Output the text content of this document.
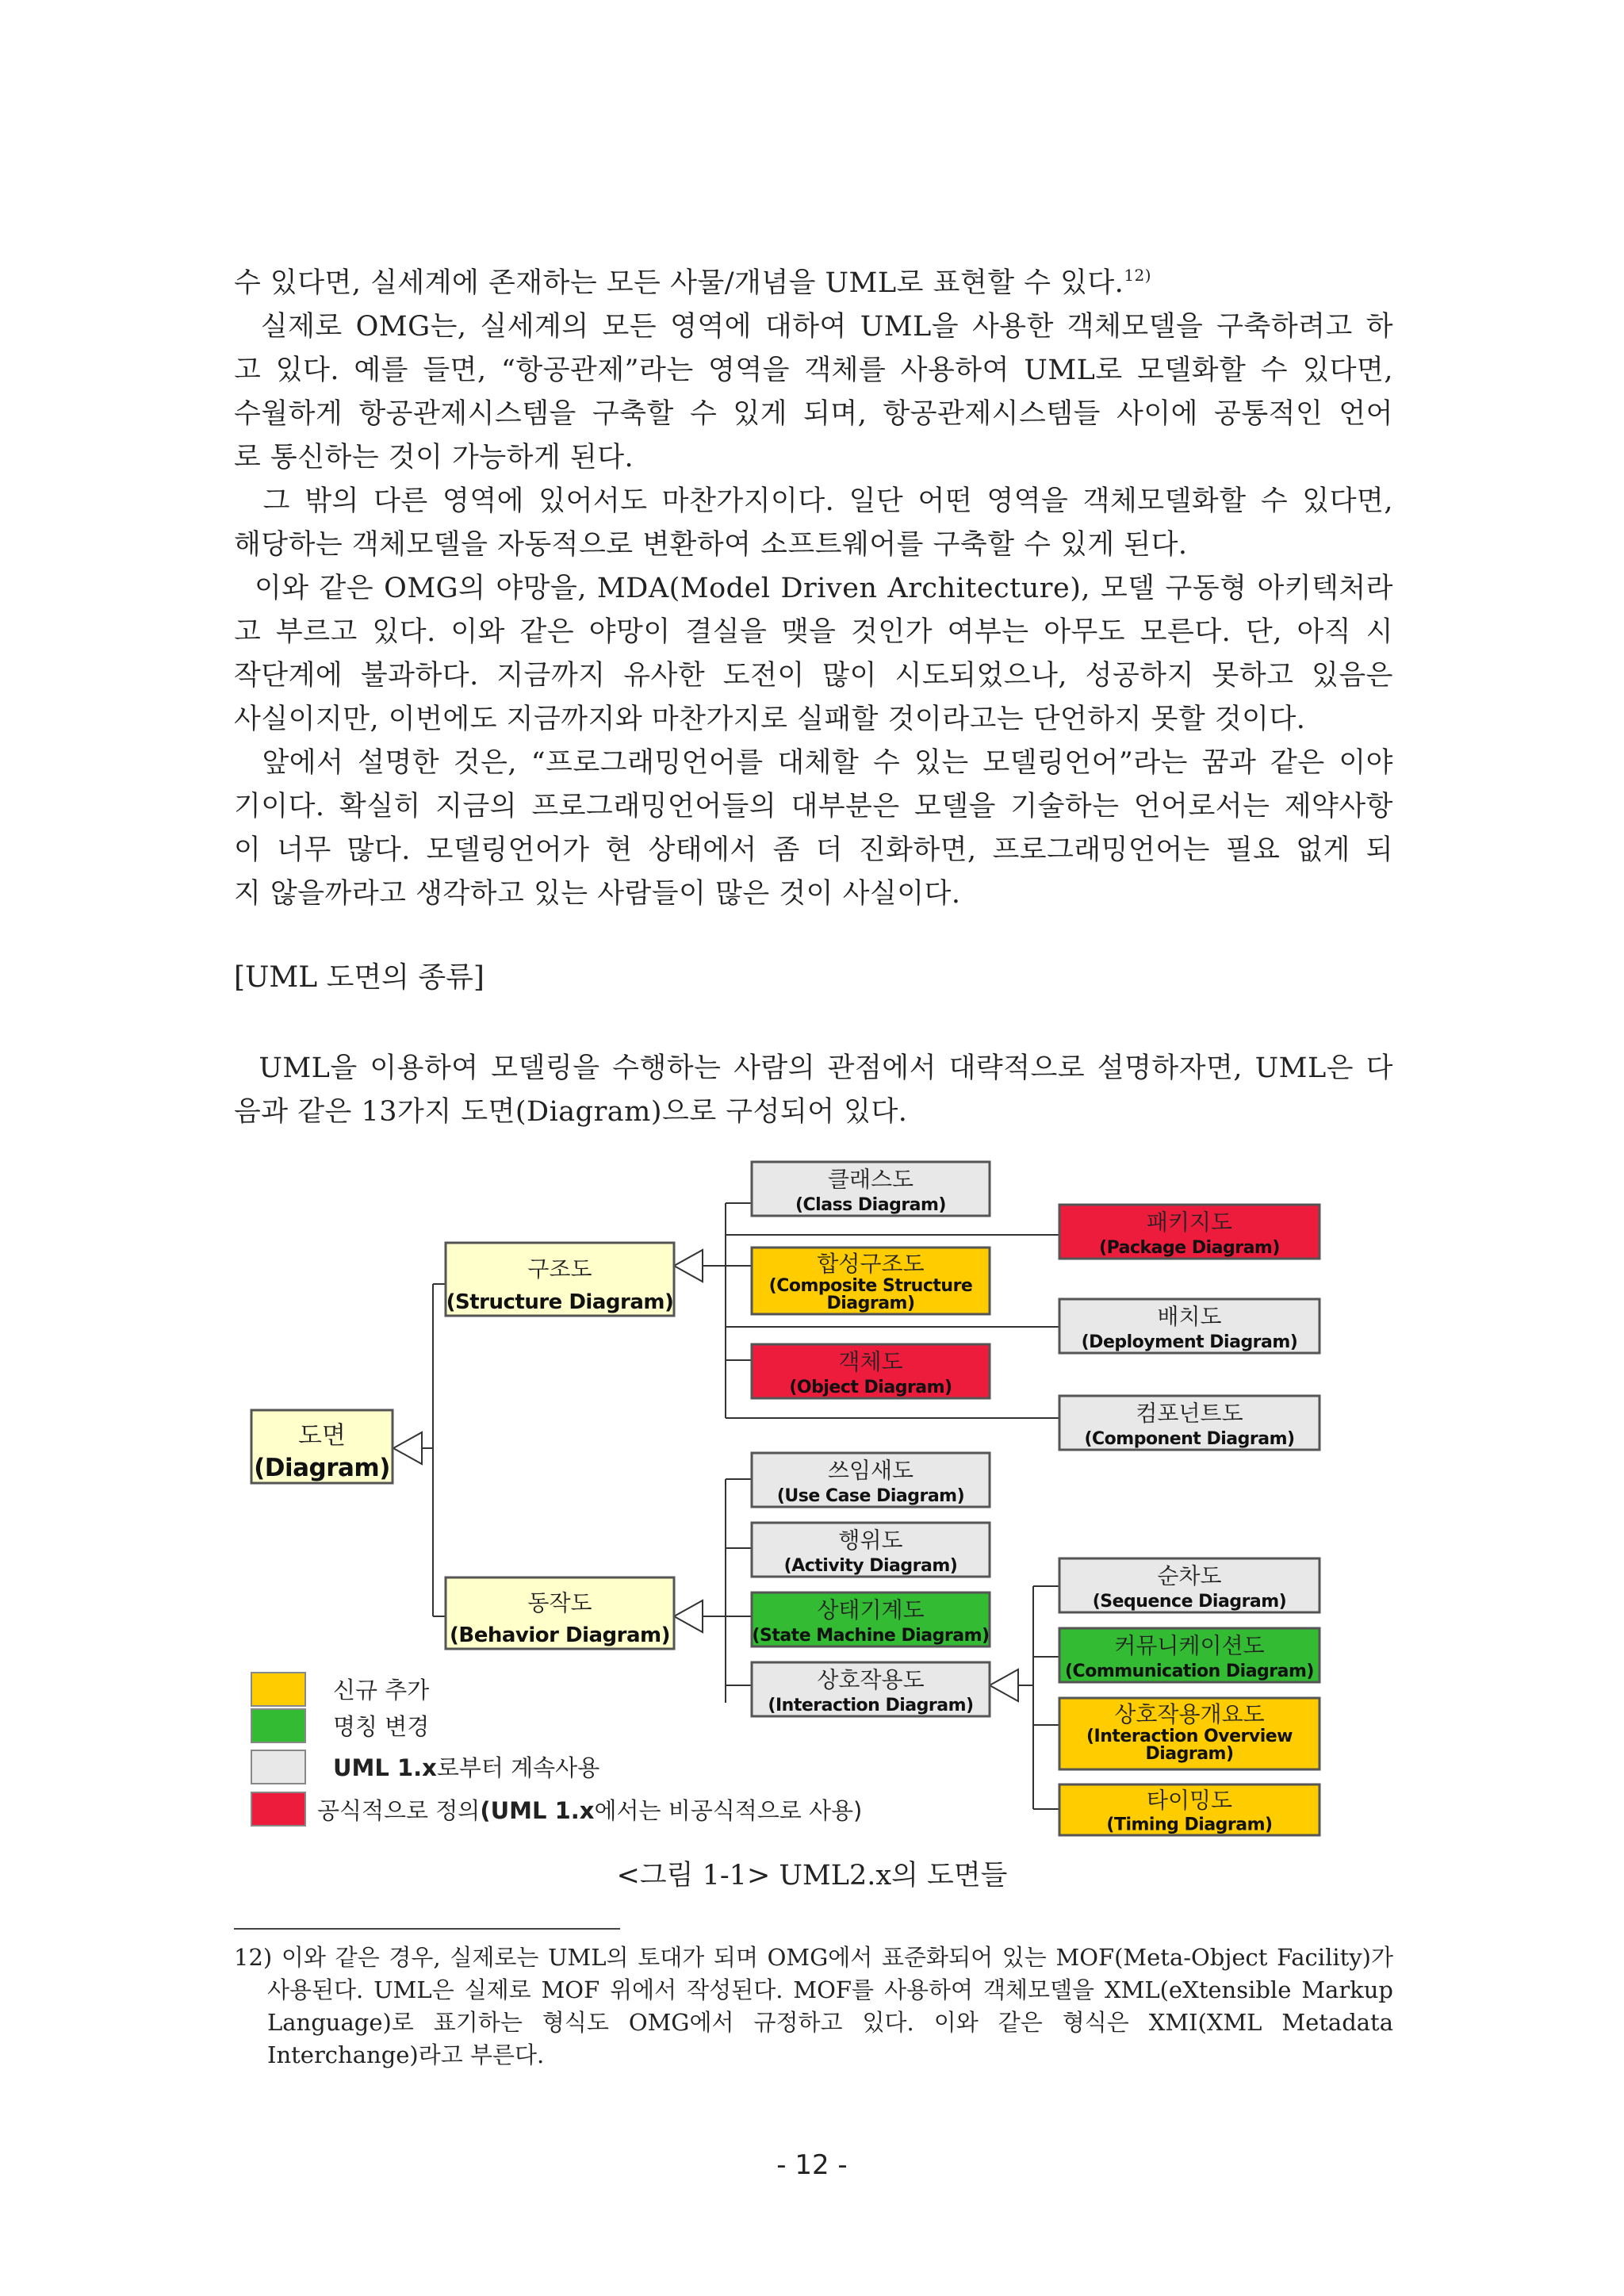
수 있다면, 실세계에 존재하는 모든 사물/개념을 UML로 표현할 수 있다.$^{12)}$
실제로 OMG는, 실세계의 모든 영역에 대하여 UML을 사용한 객체모델을 구축하려고 하
고 있다. 예를 들면, “항공관제”라는 영역을 객체를 사용하여 UML로 모델화할 수 있다면,
수월하게 항공관제시스템을 구축할 수 있게 되며, 항공관제시스템들 사이에 공통적인 언어
로 통신하는 것이 가능하게 된다.
그 밖의 다른 영역에 있어서도 마찬가지이다. 일단 어떤 영역을 객체모델화할 수 있다면,
해당하는 객체모델을 자동적으로 변환하여 소프트웨어를 구축할 수 있게 된다.
이와 같은 OMG의 야망을, MDA(Model Driven Architecture), 모델 구동형 아키텍처라
고 부르고 있다. 이와 같은 야망이 결실을 맺을 것인가 여부는 아무도 모른다. 단, 아직 시
작단계에 불과하다. 지금까지 유사한 도전이 많이 시도되었으나, 성공하지 못하고 있음은
사실이지만, 이번에도 지금까지와 마찬가지로 실패할 것이라고는 단언하지 못할 것이다.
앞에서 설명한 것은, “프로그래밍언어를 대체할 수 있는 모델링언어”라는 꿈과 같은 이야
기이다. 확실히 지금의 프로그래밍언어들의 대부분은 모델을 기술하는 언어로서는 제약사항
이 너무 많다. 모델링언어가 현 상태에서 좀 더 진화하면, 프로그래밍언어는 필요 없게 되
지 않을까라고 생각하고 있는 사람들이 많은 것이 사실이다.
UML을 이용하여 모델링을 수행하는 사람의 관점에서 대략적으로 설명하자면, UML은 다
음과 같은 13가지 도면(Diagram)으로 구성되어 있다.

[UML 도면의 종류]

도면
(Diagram)
구조도
(Structure Diagram)
동작도
(Behavior Diagram)
클래스도
(Class Diagram)
합성구조도
(Composite Structure
Diagram)
객체도
(Object Diagram)
패키지도
(Package Diagram)
배치도
(Deployment Diagram)
컴포넌트도
(Component Diagram)
쓰임새도
(Use Case Diagram)
행위도
(Activity Diagram)
상태기계도
(State Machine Diagram)
상호작용도
(Interaction Diagram)
순차도
(Sequence Diagram)
커뮤니케이션도
(Communication Diagram)
상호작용개요도
(Interaction Overview
Diagram)
타이밍도
(Timing Diagram)
신규 추가
명칭 변경
UML 1.x로부터 계속사용
공식적으로 정의(UML 1.x에서는 비공식적으로 사용)
<그림 1-1> UML2.x의 도면들
12) 이와 같은 경우, 실제로는 UML의 토대가 되며 OMG에서 표준화되어 있는 MOF(Meta-Object Facility)가
사용된다. UML은 실제로 MOF 위에서 작성된다. MOF를 사용하여 객체모델을 XML(eXtensible Markup
Language)로 표기하는 형식도 OMG에서 규정하고 있다. 이와 같은 형식은 XMI(XML Metadata
Interchange)라고 부른다.
- 12 -
